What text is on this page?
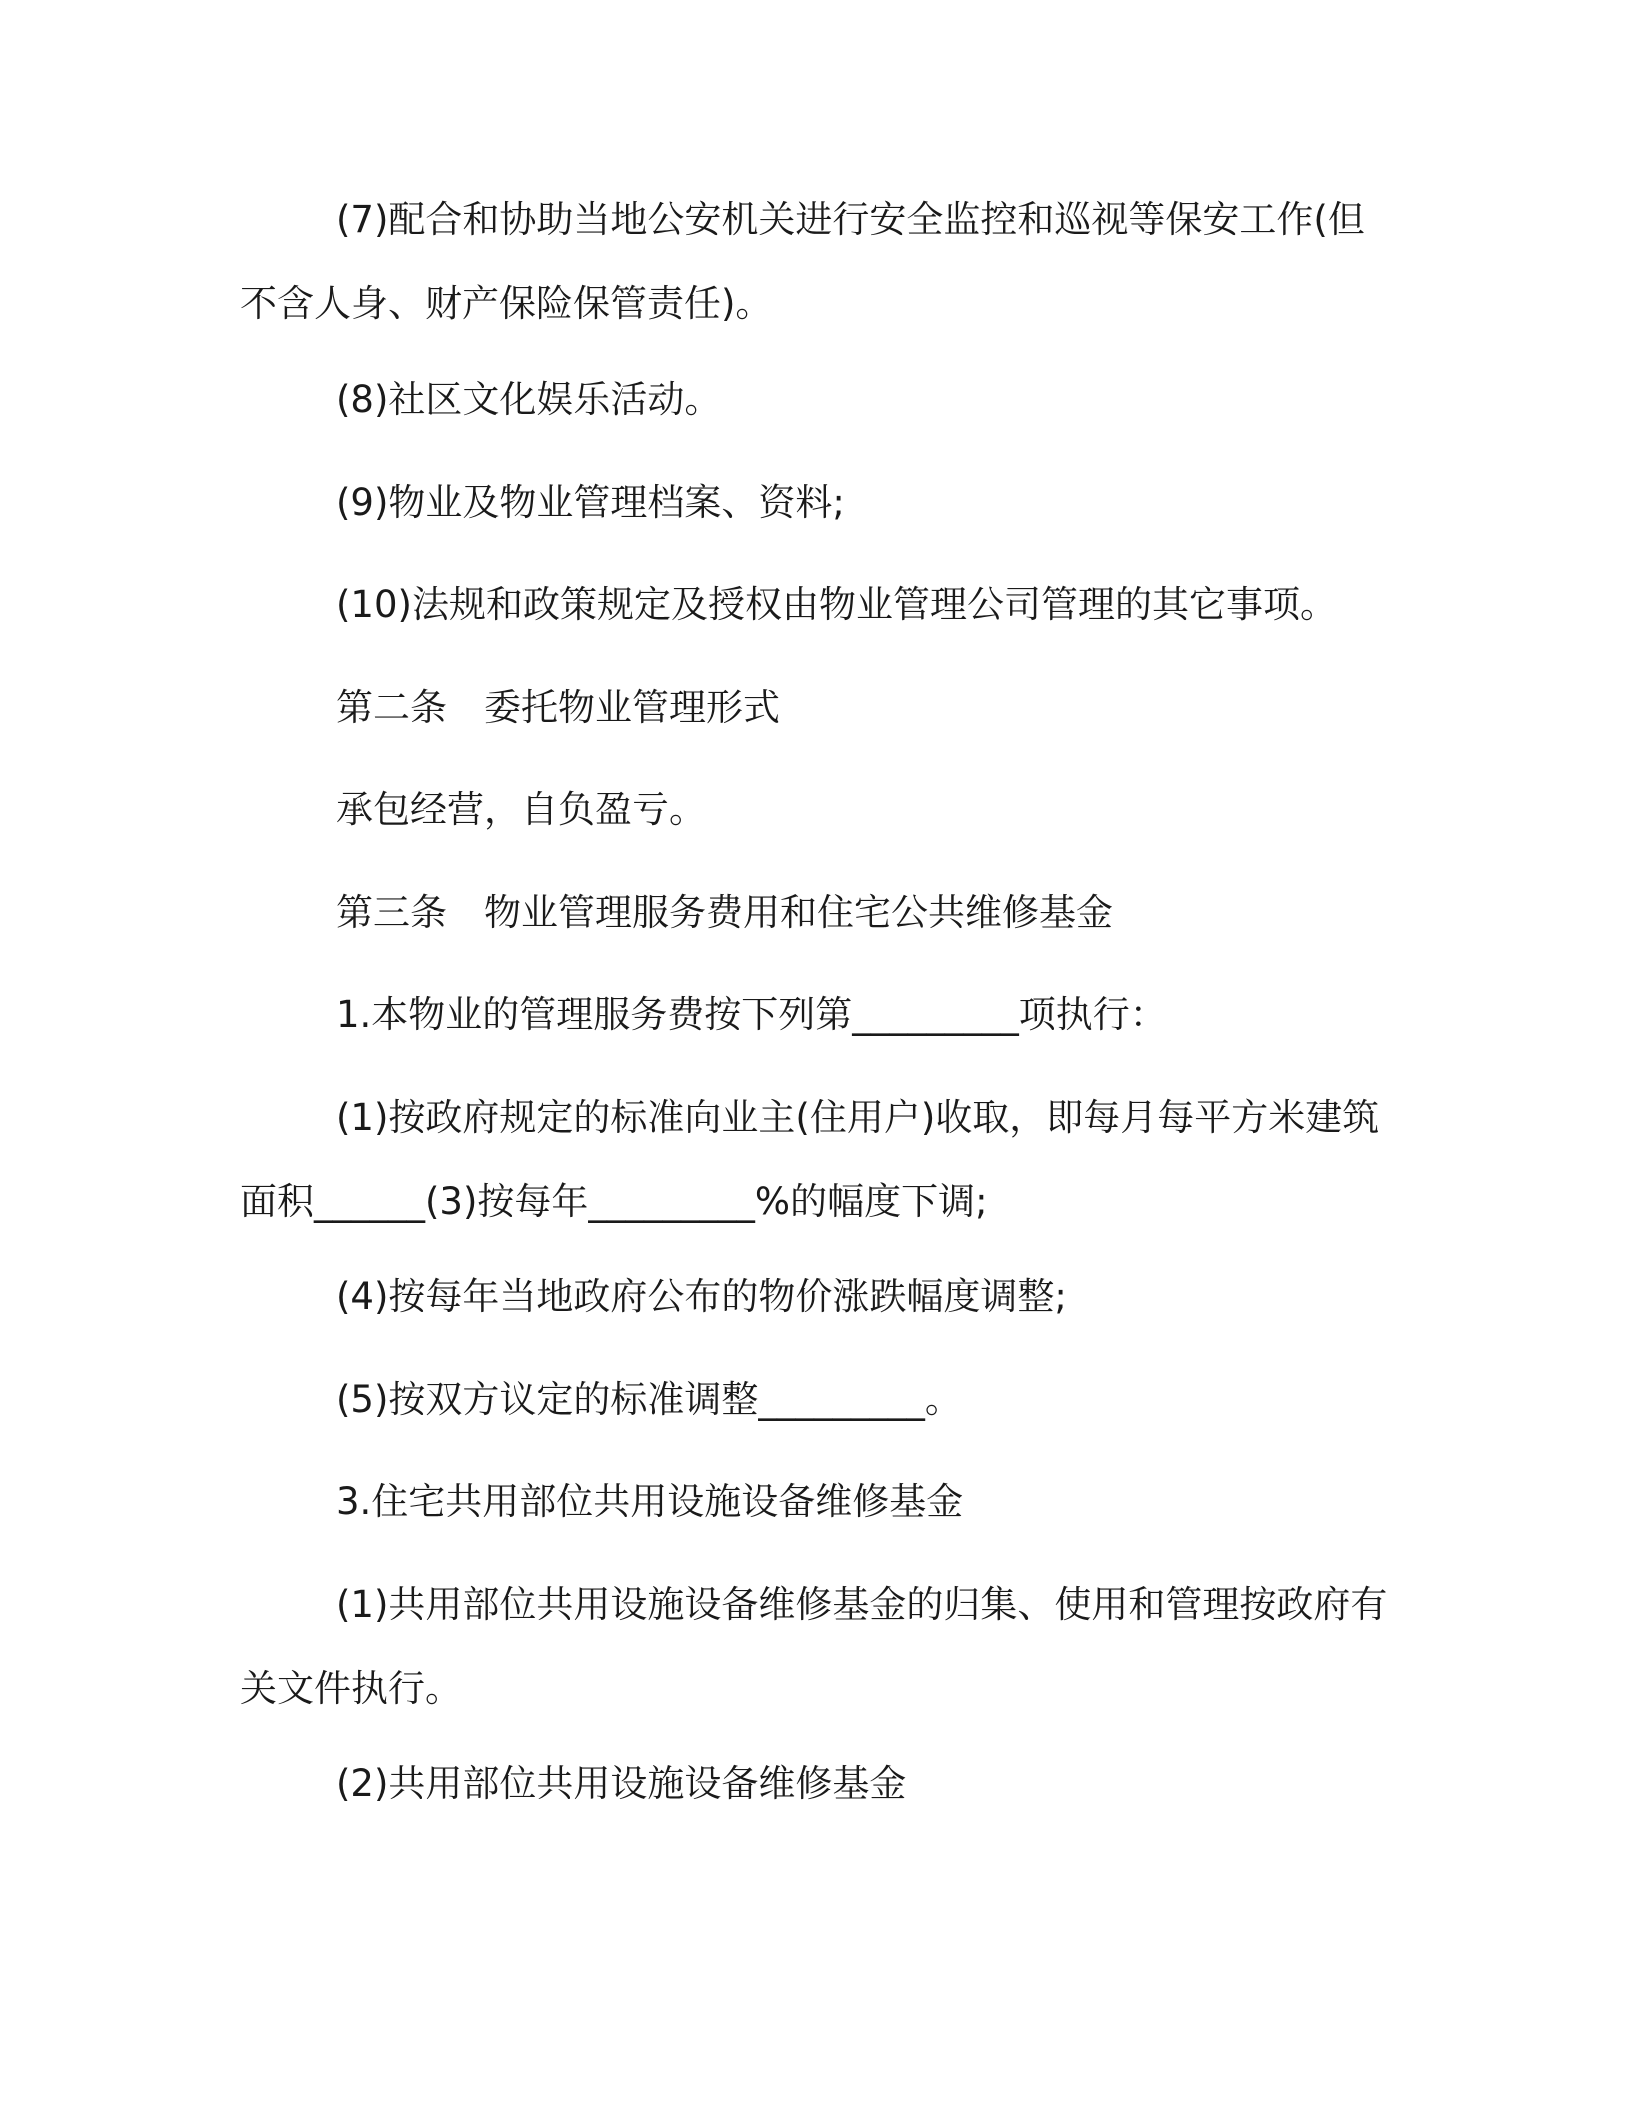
(7)配合和协助当地公安机关进行安全监控和巡视等保安工作(但不含人身、财产保险保管责任)。

(8)社区文化娱乐活动。

(9)物业及物业管理档案、资料;

(10)法规和政策规定及授权由物业管理公司管理的其它事项。

第二条　委托物业管理形式

承包经营，自负盈亏。

第三条　物业管理服务费用和住宅公共维修基金

1.本物业的管理服务费按下列第_________项执行：

(1)按政府规定的标准向业主(住用户)收取，即每月每平方米建筑面积______(3)按每年_________%的幅度下调;

(4)按每年当地政府公布的物价涨跌幅度调整;

(5)按双方议定的标准调整_________。

3.住宅共用部位共用设施设备维修基金

(1)共用部位共用设施设备维修基金的归集、使用和管理按政府有关文件执行。

(2)共用部位共用设施设备维修基金
